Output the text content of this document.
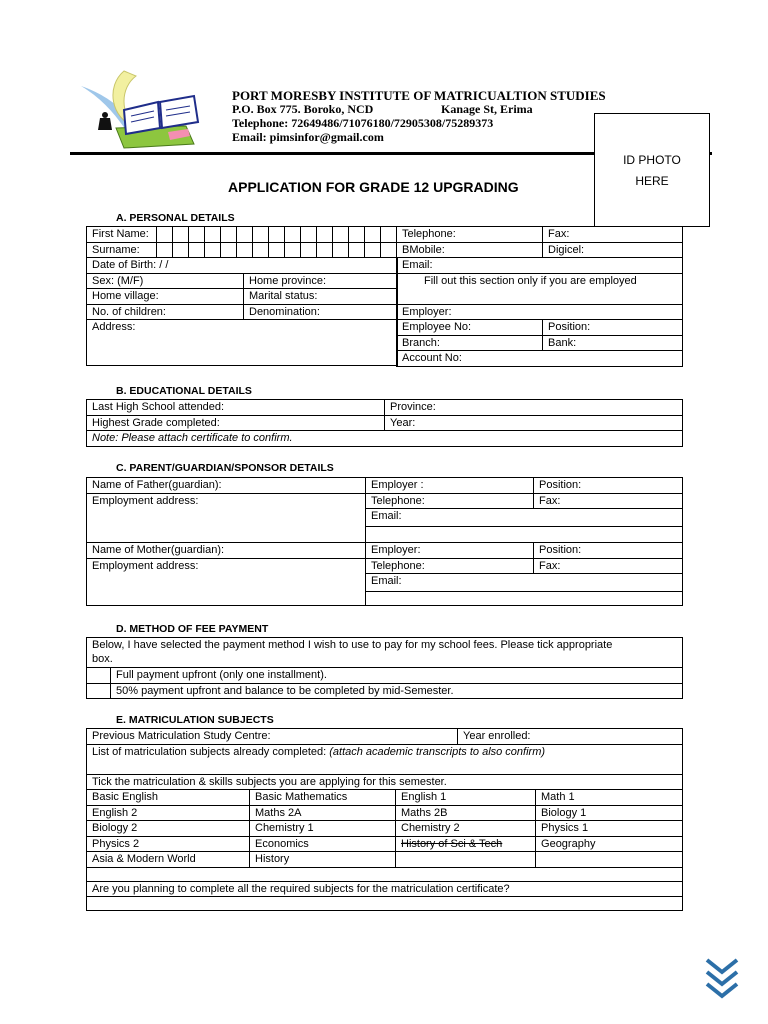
PORT MORESBY INSTITUTE OF MATRICUALTION STUDIES
P.O. Box 775. Boroko, NCD	Kanage St, Erima
Telephone: 72649486/71076180/72905308/75289373
Email: pimsinfor@gmail.com
ID PHOTO
HERE
APPLICATION FOR GRADE 12 UPGRADING
A. PERSONAL DETAILS
First Name:															
Surname:															
Date of Birth: / /	
Sex: (M/F)	Home province:
Home village:	Marital status:
No. of children:	Denomination:
Address:	
Telephone:	Fax:
BMobile:	Digicel:
Email:	
Fill out this section only if you are employed	
Employer:	
Employee No:	Position:
Branch:	Bank:
Account No:	
B. EDUCATIONAL DETAILS
Last High School attended:	Province:
Highest Grade completed:	Year:
Note: Please attach certificate to confirm.	
C. PARENT/GUARDIAN/SPONSOR DETAILS
Name of Father(guardian):	Employer :	Position:
Employment address:	Telephone:	Fax:
	Email:	

Name of Mother(guardian):	Employer:	Position:
Employment address:	Telephone:	Fax:
	Email:	

D. METHOD OF FEE PAYMENT
Below, I have selected the payment method I wish to use to pay for my school fees. Please tick appropriate
box.	

	Full payment upfront (only one installment).
	50% payment upfront and balance to be completed by mid-Semester.
E. MATRICULATION SUBJECTS
Previous Matriculation Study Centre:			Year enrolled:	
List of matriculation subjects already completed: (attach academic transcripts to also confirm)				
Tick the matriculation & skills subjects you are applying for this semester.				
Basic English	Basic Mathematics	English 1		Math 1
English 2	Maths 2A	Maths 2B		Biology 1
Biology 2	Chemistry 1	Chemistry 2		Physics 1
Physics 2	Economics	History of Sci & Tech		Geography
Asia & Modern World	History			

Are you planning to complete all the required subjects for the matriculation certificate?				
